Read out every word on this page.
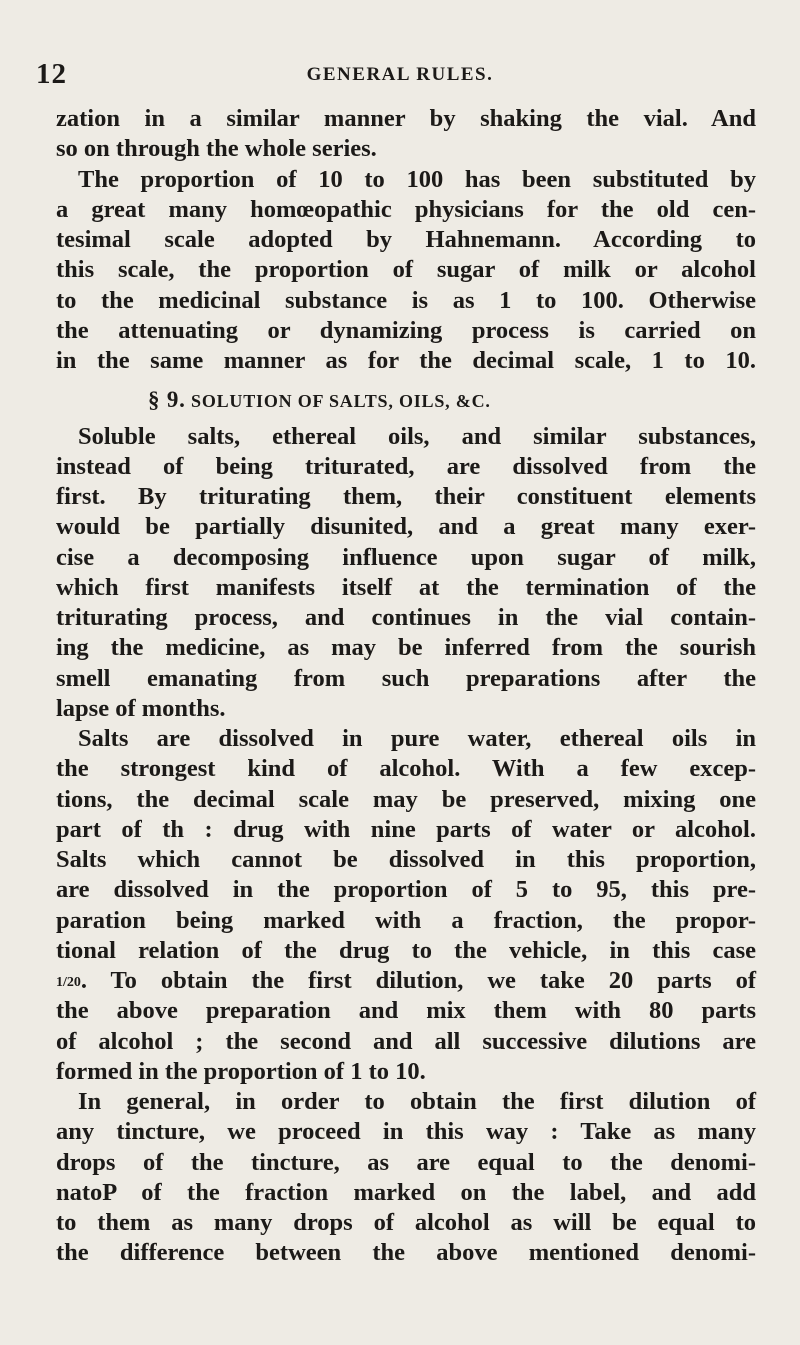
12	GENERAL RULES.
zation in a similar manner by shaking the vial. And
so on through the whole series.
The proportion of 10 to 100 has been substituted by
a great many homœopathic physicians for the old cen-
tesimal scale adopted by Hahnemann. According to
this scale, the proportion of sugar of milk or alcohol
to the medicinal substance is as 1 to 100. Otherwise
the attenuating or dynamizing process is carried on
in the same manner as for the decimal scale, 1 to 10.
§ 9. SOLUTION OF SALTS, OILS, &C.
Soluble salts, ethereal oils, and similar substances,
instead of being triturated, are dissolved from the
first. By triturating them, their constituent elements
would be partially disunited, and a great many exer-
cise a decomposing influence upon sugar of milk,
which first manifests itself at the termination of the
triturating process, and continues in the vial contain-
ing the medicine, as may be inferred from the sourish
smell emanating from such preparations after the
lapse of months.
Salts are dissolved in pure water, ethereal oils in
the strongest kind of alcohol. With a few excep-
tions, the decimal scale may be preserved, mixing one
part of th : drug with nine parts of water or alcohol.
Salts which cannot be dissolved in this proportion,
are dissolved in the proportion of 5 to 95, this pre-
paration being marked with a fraction, the propor-
tional relation of the drug to the vehicle, in this case
1/20. To obtain the first dilution, we take 20 parts of
the above preparation and mix them with 80 parts
of alcohol ; the second and all successive dilutions are
formed in the proportion of 1 to 10.
In general, in order to obtain the first dilution of
any tincture, we proceed in this way : Take as many
drops of the tincture, as are equal to the denomi-
natoP of the fraction marked on the label, and add
to them as many drops of alcohol as will be equal to
the difference between the above mentioned denomi-
